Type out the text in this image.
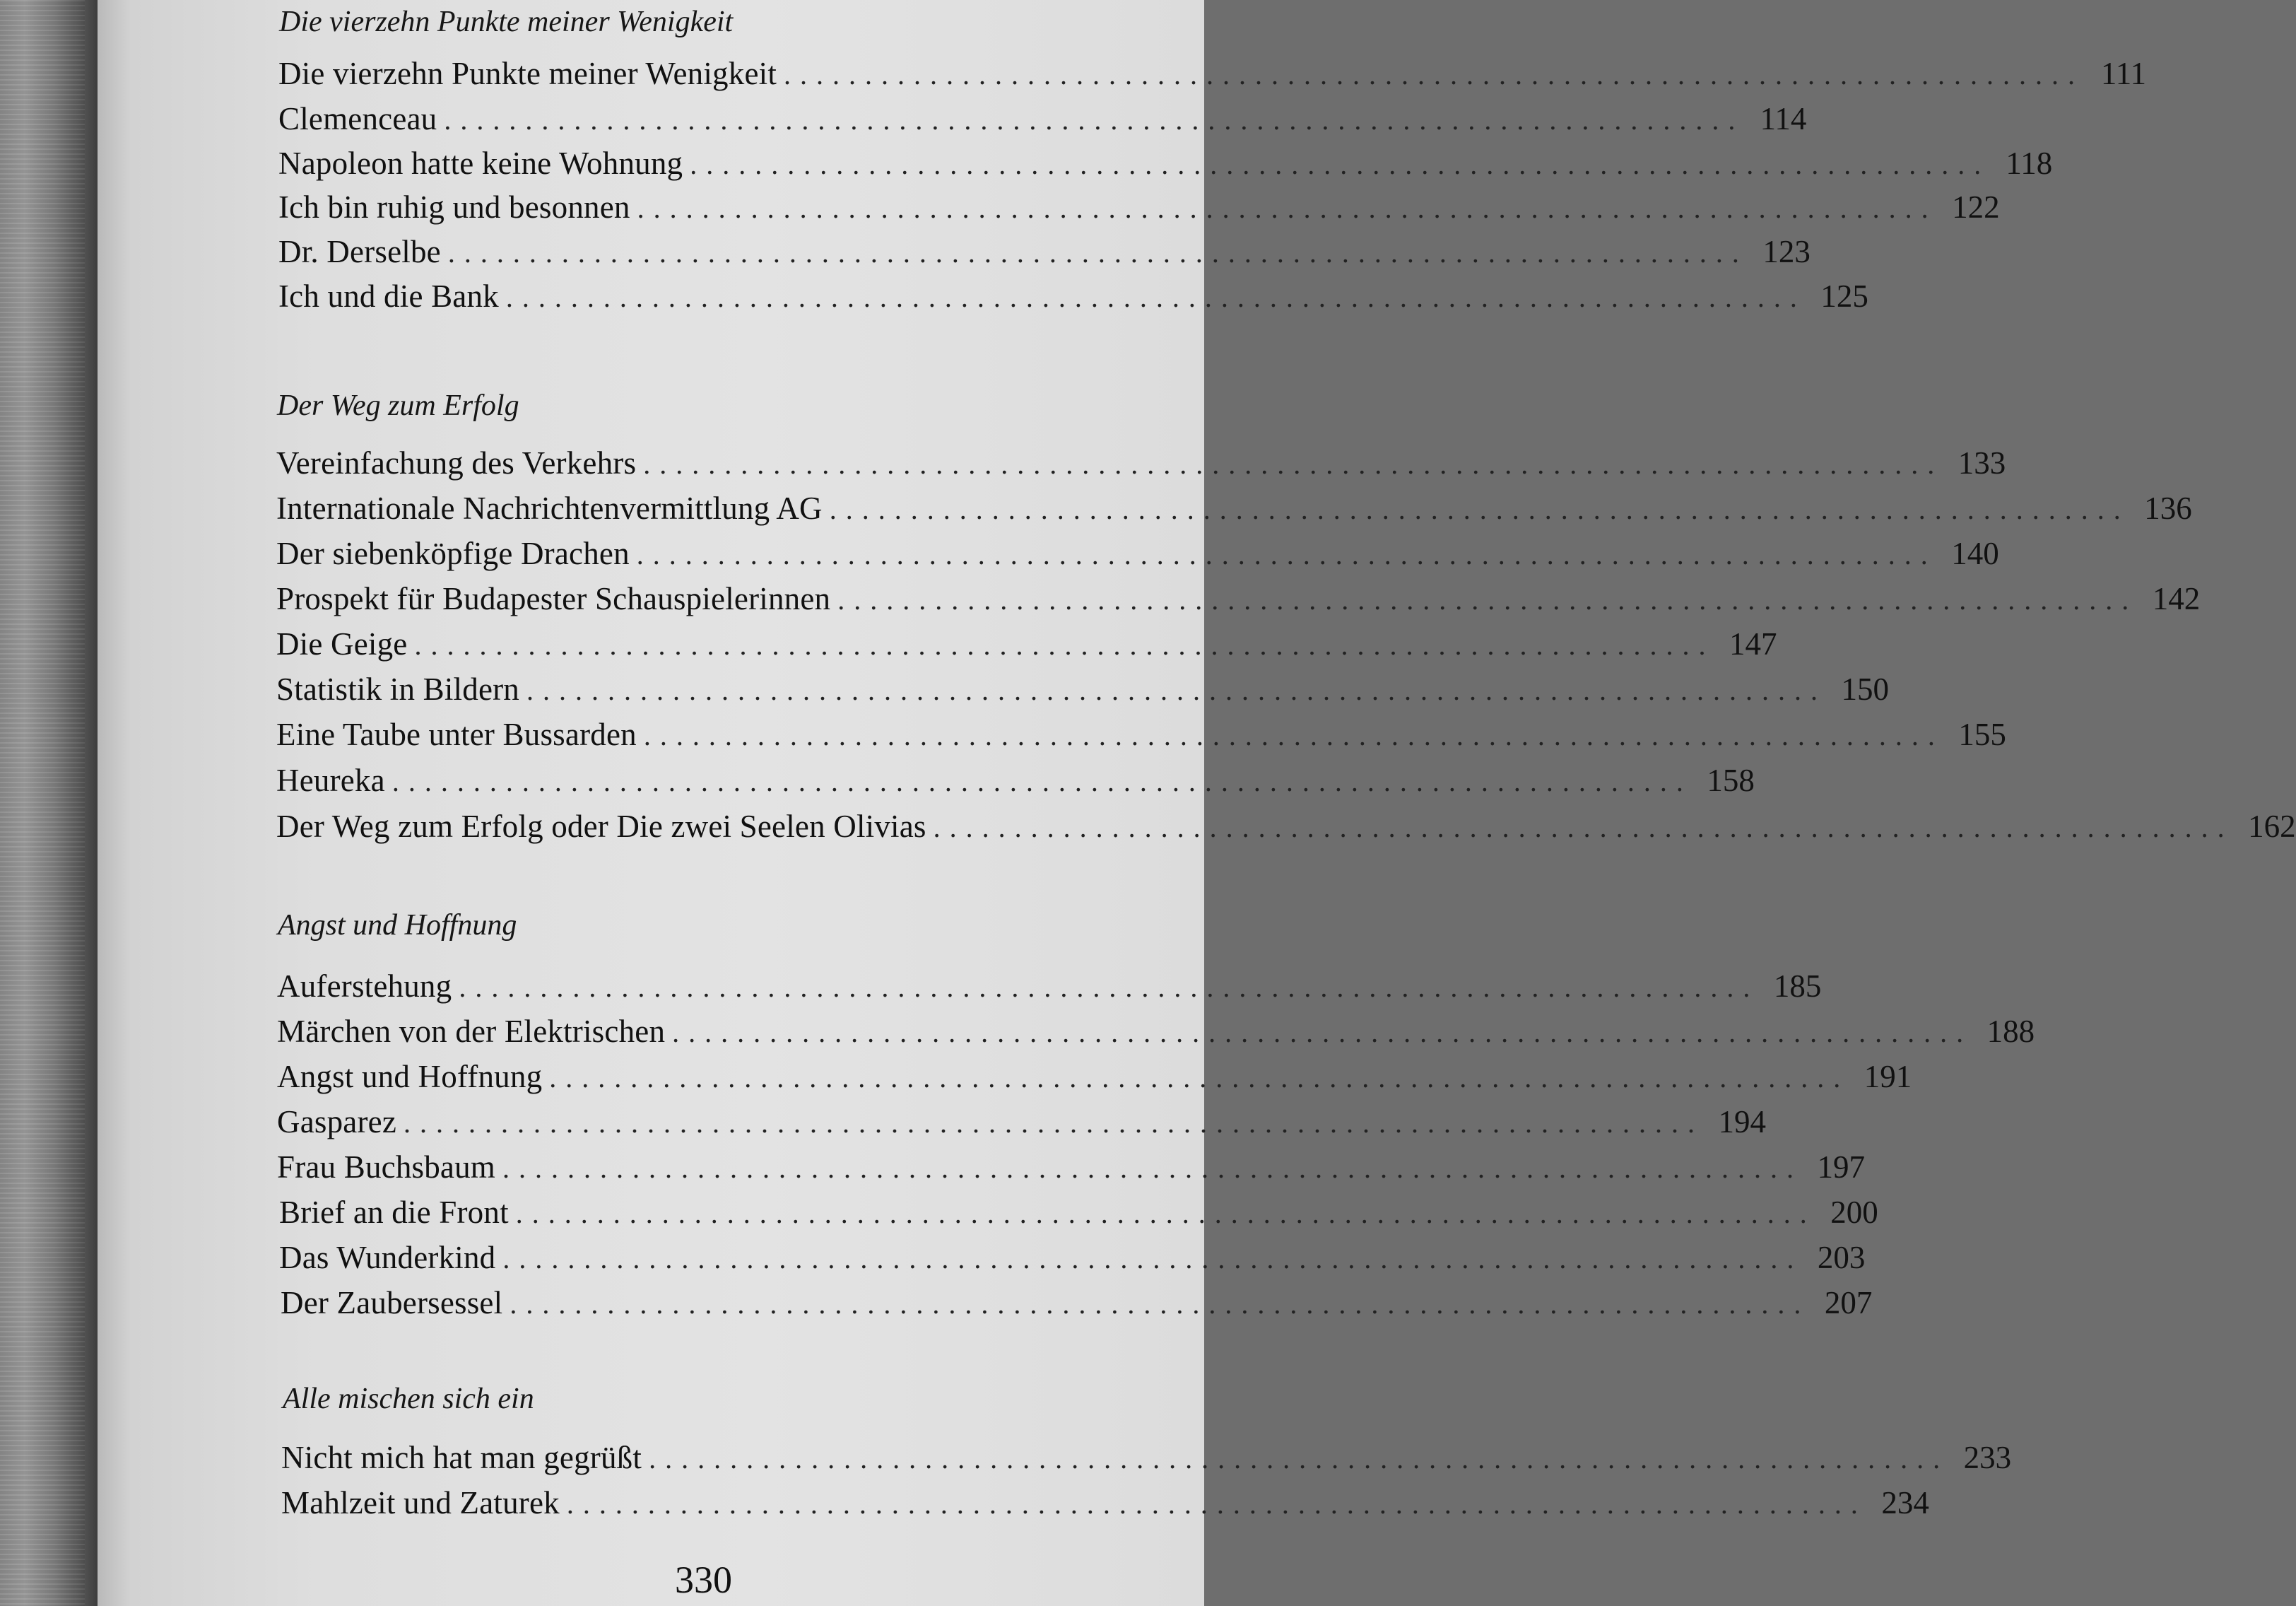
Die vierzehn Punkte meiner Wenigkeit
Die vierzehn Punkte meiner Wenigkeit ................................................................................ 111
Clemenceau ................................................................................ 114
Napoleon hatte keine Wohnung ................................................................................ 118
Ich bin ruhig und besonnen ................................................................................ 122
Dr. Derselbe ................................................................................ 123
Ich und die Bank ................................................................................ 125
Der Weg zum Erfolg
Vereinfachung des Verkehrs ................................................................................ 133
Internationale Nachrichtenvermittlung AG ................................................................................ 136
Der siebenköpfige Drachen ................................................................................ 140
Prospekt für Budapester Schauspielerinnen ................................................................................ 142
Die Geige ................................................................................ 147
Statistik in Bildern ................................................................................ 150
Eine Taube unter Bussarden ................................................................................ 155
Heureka ................................................................................ 158
Der Weg zum Erfolg oder Die zwei Seelen Olivias ................................................................................ 162
Angst und Hoffnung
Auferstehung ................................................................................ 185
Märchen von der Elektrischen ................................................................................ 188
Angst und Hoffnung ................................................................................ 191
Gasparez ................................................................................ 194
Frau Buchsbaum ................................................................................ 197
Brief an die Front ................................................................................ 200
Das Wunderkind ................................................................................ 203
Der Zaubersessel ................................................................................ 207
Alle mischen sich ein
Nicht mich hat man gegrüßt ................................................................................ 233
Mahlzeit und Zaturek ................................................................................ 234
330
